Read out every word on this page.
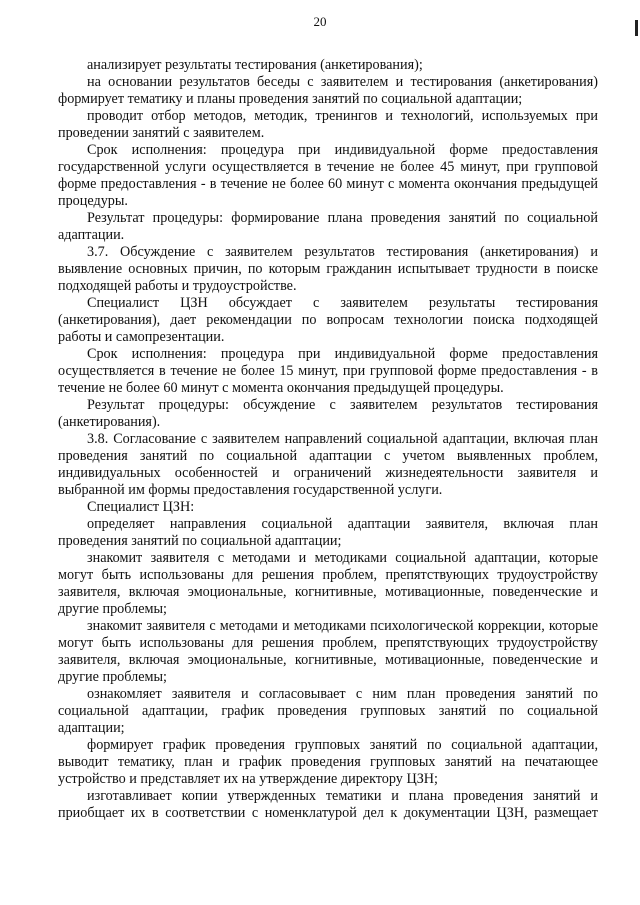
20

анализирует результаты тестирования (анкетирования);

на основании результатов беседы с заявителем и тестирования (анкетирования) формирует тематику и планы проведения занятий по социальной адаптации;

проводит отбор методов, методик, тренингов и технологий, используемых при проведении занятий с заявителем.

Срок исполнения: процедура при индивидуальной форме предоставления государственной услуги осуществляется в течение не более 45 минут, при групповой форме предоставления - в течение не более 60 минут с момента окончания предыдущей процедуры.

Результат процедуры: формирование плана проведения занятий по социальной адаптации.

3.7. Обсуждение с заявителем результатов тестирования (анкетирования) и выявление основных причин, по которым гражданин испытывает трудности в поиске подходящей работы и трудоустройстве.

Специалист ЦЗН обсуждает с заявителем результаты тестирования (анкетирования), дает рекомендации по вопросам технологии поиска подходящей работы и самопрезентации.

Срок исполнения: процедура при индивидуальной форме предоставления осуществляется в течение не более 15 минут, при групповой форме предоставления - в течение не более 60 минут с момента окончания предыдущей процедуры.

Результат процедуры: обсуждение с заявителем результатов тестирования (анкетирования).

3.8. Согласование с заявителем направлений социальной адаптации, включая план проведения занятий по социальной адаптации с учетом выявленных проблем, индивидуальных особенностей и ограничений жизнедеятельности заявителя и выбранной им формы предоставления государственной услуги.

Специалист ЦЗН:

определяет направления социальной адаптации заявителя, включая план проведения занятий по социальной адаптации;

знакомит заявителя с методами и методиками социальной адаптации, которые могут быть использованы для решения проблем, препятствующих трудоустройству заявителя, включая эмоциональные, когнитивные, мотивационные, поведенческие и другие проблемы;

знакомит заявителя с методами и методиками психологической коррекции, которые могут быть использованы для решения проблем, препятствующих трудоустройству заявителя, включая эмоциональные, когнитивные, мотивационные, поведенческие и другие проблемы;

ознакомляет заявителя и согласовывает с ним план проведения занятий по социальной адаптации, график проведения групповых занятий по социальной адаптации;

формирует график проведения групповых занятий по социальной адаптации, выводит тематику, план и график проведения групповых занятий на печатающее устройство и представляет их на утверждение директору ЦЗН;

изготавливает копии утвержденных тематики и плана проведения занятий и приобщает их в соответствии с номенклатурой дел к документации ЦЗН, размещает
